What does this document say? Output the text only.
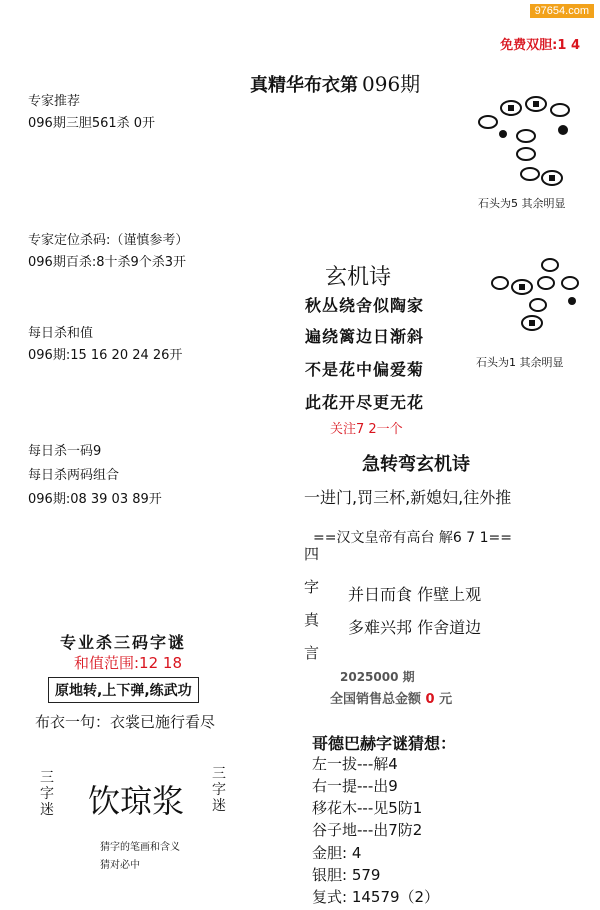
97654.com
免费双胆:1 4
真精华布衣第 096期
专家推荐
096期三胆561杀 0开
专家定位杀码:（谨慎参考）
096期百杀:8十杀9个杀3开
每日杀和值
096期:15 16 20 24 26开
每日杀一码9
每日杀两码组合
096期:08 39 03 89开
石头为5 其余明显
石头为1 其余明显
玄机诗
秋丛绕舍似陶家
遍绕篱边日渐斜
不是花中偏爱菊
此花开尽更无花
关注7 2一个
急转弯玄机诗
一进门,罚三杯,新媳妇,往外推
==汉文皇帝有高台 解6 7 1==
四
字
真
言
并日而食 作壁上观
多难兴邦 作舍道边
2025000 期
全国销售总金额 0 元
专业杀三码字谜
和值范围:12 18
原地转,上下弹,练武功
布衣一句：衣裳已施行看尽
三
字
迷 饮琼浆
三
字
迷
猜字的笔画和含义
猜对必中
哥德巴赫字谜猜想：
左一拔---解4
右一提---出9
移花木---见5防1
谷子地---出7防2
金胆: 4
银胆: 579
复式: 14579（2）
